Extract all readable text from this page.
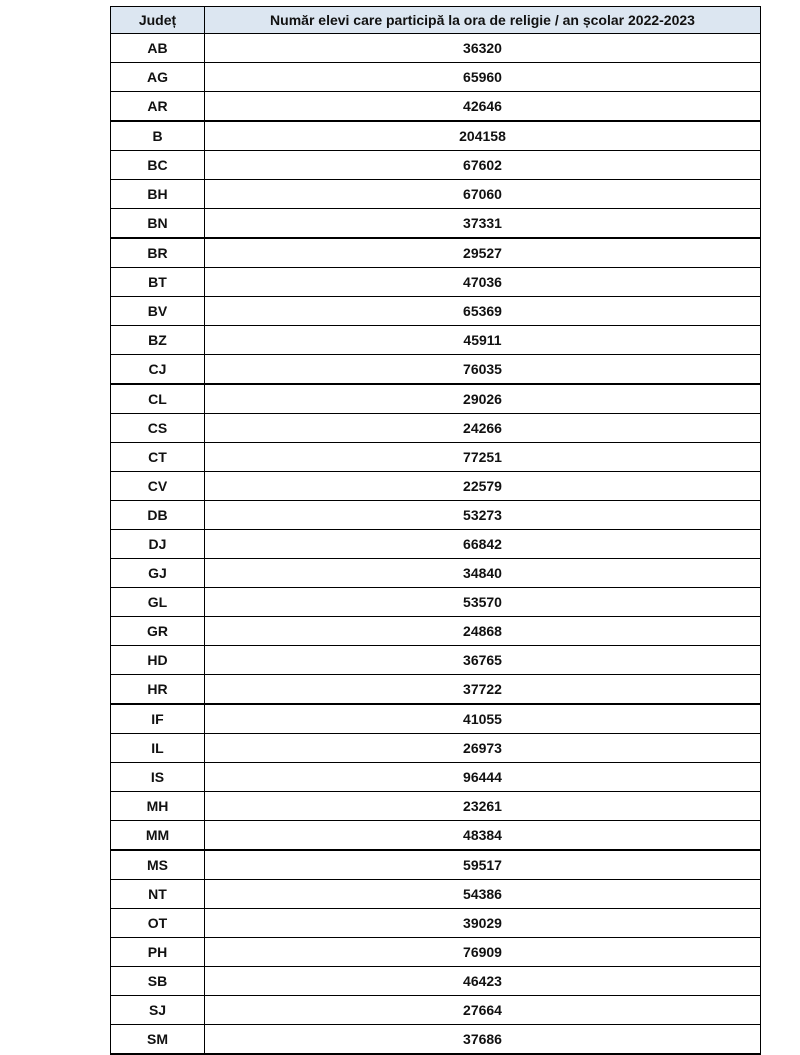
Județ	Număr elevi care participă la ora de religie / an școlar 2022-2023
AB	36320
AG	65960
AR	42646
B	204158
BC	67602
BH	67060
BN	37331
BR	29527
BT	47036
BV	65369
BZ	45911
CJ	76035
CL	29026
CS	24266
CT	77251
CV	22579
DB	53273
DJ	66842
GJ	34840
GL	53570
GR	24868
HD	36765
HR	37722
IF	41055
IL	26973
IS	96444
MH	23261
MM	48384
MS	59517
NT	54386
OT	39029
PH	76909
SB	46423
SJ	27664
SM	37686
